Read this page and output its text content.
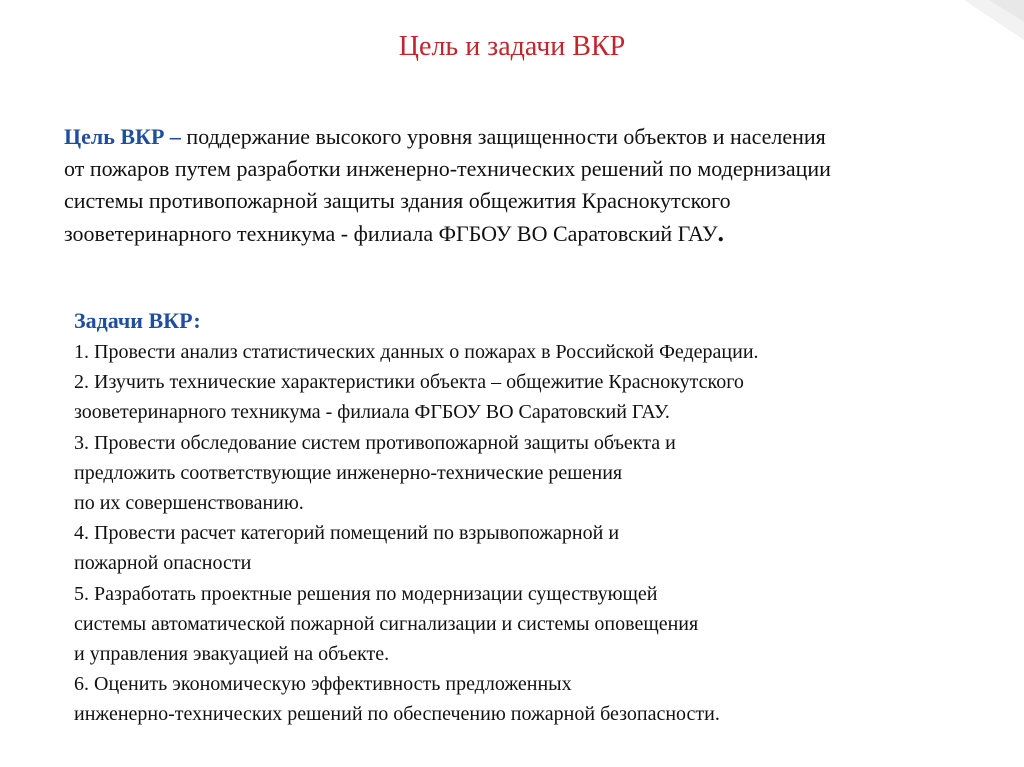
Цель и задачи ВКР
Цель ВКР – поддержание высокого уровня защищенности объектов и населения
от пожаров путем разработки инженерно-технических решений по модернизации
системы противопожарной защиты здания общежития Краснокутского
зооветеринарного техникума - филиала ФГБОУ ВО Саратовский ГАУ.
Задачи ВКР:
1. Провести анализ статистических данных о пожарах в Российской Федерации.
2. Изучить технические характеристики объекта – общежитие Краснокутского
зооветеринарного техникума - филиала ФГБОУ ВО Саратовский ГАУ.
3. Провести обследование систем противопожарной защиты объекта и
предложить соответствующие инженерно-технические решения
по их совершенствованию.
4. Провести расчет категорий помещений по взрывопожарной и
пожарной опасности
5. Разработать проектные решения по модернизации существующей
системы автоматической пожарной сигнализации и системы оповещения
и управления эвакуацией на объекте.
6. Оценить экономическую эффективность предложенных
инженерно-технических решений по обеспечению пожарной безопасности.
